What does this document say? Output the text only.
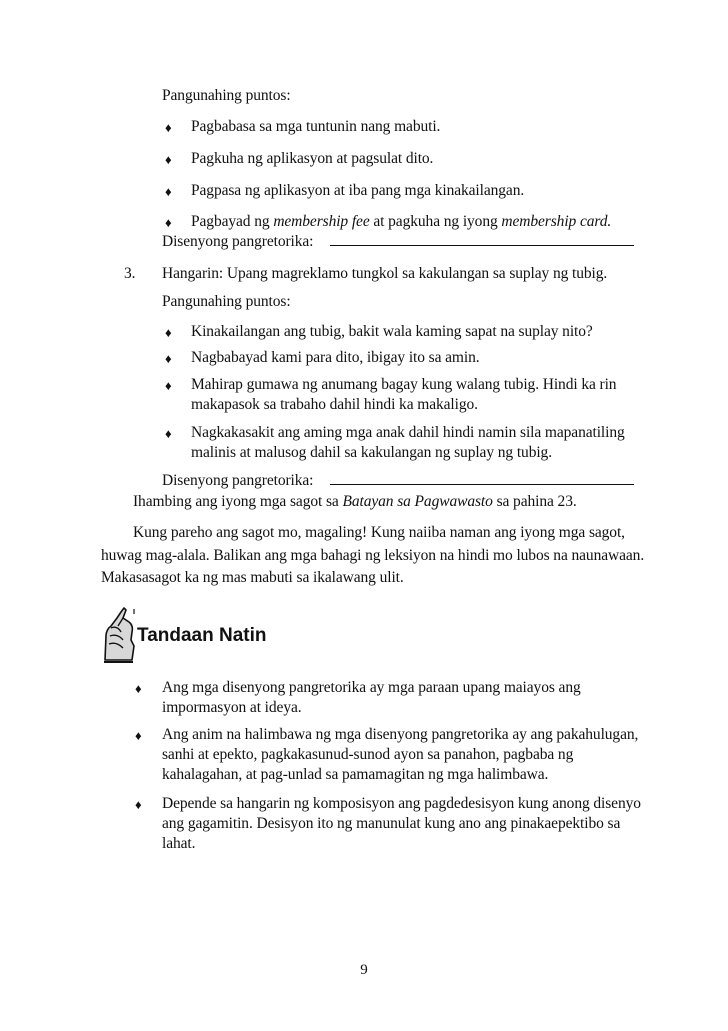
Pangunahing puntos:
♦ Pagbabasa sa mga tuntunin nang mabuti.
♦ Pagkuha ng aplikasyon at pagsulat dito.
♦ Pagpasa ng aplikasyon at iba pang mga kinakailangan.
♦ Pagbayad ng membership fee at pagkuha ng iyong membership card.
Disenyong pangretorika:
3. Hangarin: Upang magreklamo tungkol sa kakulangan sa suplay ng tubig.
Pangunahing puntos:
♦ Kinakailangan ang tubig, bakit wala kaming sapat na suplay nito?
♦ Nagbabayad kami para dito, ibigay ito sa amin.
♦ Mahirap gumawa ng anumang bagay kung walang tubig. Hindi ka rin
makapasok sa trabaho dahil hindi ka makaligo.
♦ Nagkakasakit ang aming mga anak dahil hindi namin sila mapanatiling
malinis at malusog dahil sa kakulangan ng suplay ng tubig.
Disenyong pangretorika:
Ihambing ang iyong mga sagot sa Batayan sa Pagwawasto sa pahina 23.
Kung pareho ang sagot mo, magaling! Kung naiiba naman ang iyong mga sagot,
huwag mag-alala. Balikan ang mga bahagi ng leksiyon na hindi mo lubos na naunawaan.
Makasasagot ka ng mas mabuti sa ikalawang ulit.
Tandaan Natin
♦ Ang mga disenyong pangretorika ay mga paraan upang maiayos ang
impormasyon at ideya.
♦ Ang anim na halimbawa ng mga disenyong pangretorika ay ang pakahulugan,
sanhi at epekto, pagkakasunud-sunod ayon sa panahon, pagbaba ng
kahalagahan, at pag-unlad sa pamamagitan ng mga halimbawa.
♦ Depende sa hangarin ng komposisyon ang pagdedesisyon kung anong disenyo
ang gagamitin. Desisyon ito ng manunulat kung ano ang pinakaepektibo sa
lahat.
9
